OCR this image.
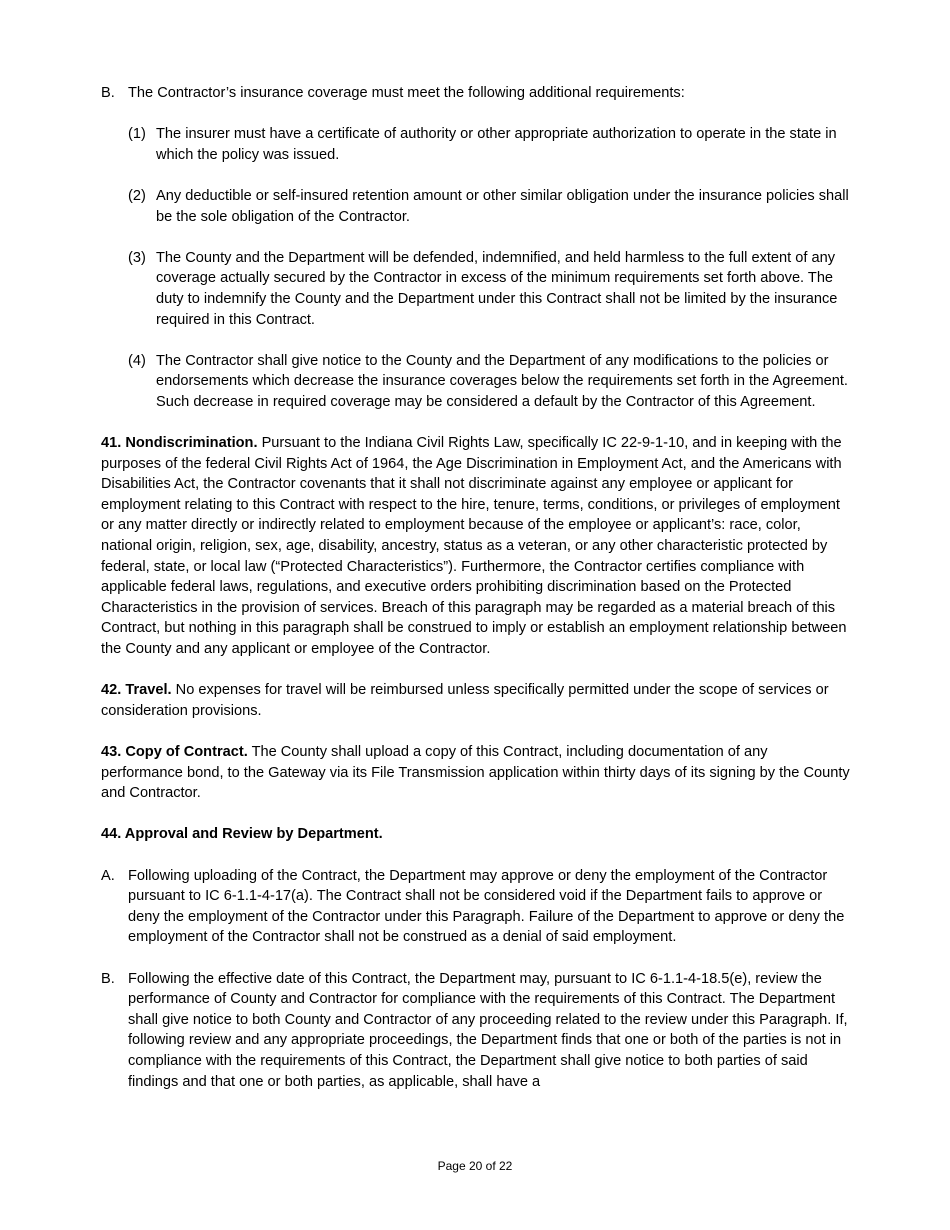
B. The Contractor’s insurance coverage must meet the following additional requirements:

(1) The insurer must have a certificate of authority or other appropriate authorization to operate in the state in which the policy was issued.

(2) Any deductible or self-insured retention amount or other similar obligation under the insurance policies shall be the sole obligation of the Contractor.

(3) The County and the Department will be defended, indemnified, and held harmless to the full extent of any coverage actually secured by the Contractor in excess of the minimum requirements set forth above. The duty to indemnify the County and the Department under this Contract shall not be limited by the insurance required in this Contract.

(4) The Contractor shall give notice to the County and the Department of any modifications to the policies or endorsements which decrease the insurance coverages below the requirements set forth in the Agreement. Such decrease in required coverage may be considered a default by the Contractor of this Agreement.

41. Nondiscrimination. Pursuant to the Indiana Civil Rights Law, specifically IC 22-9-1-10, and in keeping with the purposes of the federal Civil Rights Act of 1964, the Age Discrimination in Employment Act, and the Americans with Disabilities Act, the Contractor covenants that it shall not discriminate against any employee or applicant for employment relating to this Contract with respect to the hire, tenure, terms, conditions, or privileges of employment or any matter directly or indirectly related to employment because of the employee or applicant’s: race, color, national origin, religion, sex, age, disability, ancestry, status as a veteran, or any other characteristic protected by federal, state, or local law (“Protected Characteristics”). Furthermore, the Contractor certifies compliance with applicable federal laws, regulations, and executive orders prohibiting discrimination based on the Protected Characteristics in the provision of services. Breach of this paragraph may be regarded as a material breach of this Contract, but nothing in this paragraph shall be construed to imply or establish an employment relationship between the County and any applicant or employee of the Contractor.

42. Travel. No expenses for travel will be reimbursed unless specifically permitted under the scope of services or consideration provisions.

43. Copy of Contract. The County shall upload a copy of this Contract, including documentation of any performance bond, to the Gateway via its File Transmission application within thirty days of its signing by the County and Contractor.

44. Approval and Review by Department.

A. Following uploading of the Contract, the Department may approve or deny the employment of the Contractor pursuant to IC 6-1.1-4-17(a). The Contract shall not be considered void if the Department fails to approve or deny the employment of the Contractor under this Paragraph. Failure of the Department to approve or deny the employment of the Contractor shall not be construed as a denial of said employment.

B. Following the effective date of this Contract, the Department may, pursuant to IC 6-1.1-4-18.5(e), review the performance of County and Contractor for compliance with the requirements of this Contract. The Department shall give notice to both County and Contractor of any proceeding related to the review under this Paragraph. If, following review and any appropriate proceedings, the Department finds that one or both of the parties is not in compliance with the requirements of this Contract, the Department shall give notice to both parties of said findings and that one or both parties, as applicable, shall have a

Page 20 of 22
